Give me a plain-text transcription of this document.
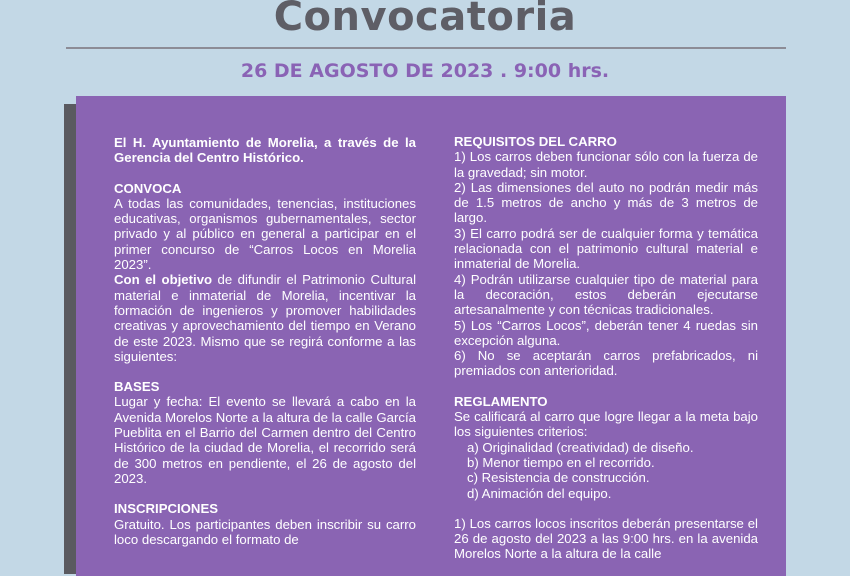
Convocatoria
26 DE AGOSTO DE 2023 . 9:00 hrs.

El H. Ayuntamiento de Morelia, a través de la Gerencia del Centro Histórico.

CONVOCA

A todas las comunidades, tenencias, instituciones educativas, organismos gubernamentales, sector privado y al público en general a participar en el primer concurso de “Carros Locos en Morelia 2023”.

Con el objetivo de difundir el Patrimonio Cultural material e inmaterial de Morelia, incentivar la formación de ingenieros y promover habilidades creativas y aprovechamiento del tiempo en Verano de este 2023. Mismo que se regirá conforme a las siguientes:

BASES

Lugar y fecha: El evento se llevará a cabo en la Avenida Morelos Norte a la altura de la calle García Pueblita en el Barrio del Carmen dentro del Centro Histórico de la ciudad de Morelia, el recorrido será de 300 metros en pendiente, el 26 de agosto del 2023.

INSCRIPCIONES

Gratuito. Los participantes deben inscribir su carro loco descargando el formato de

REQUISITOS DEL CARRO

1) Los carros deben funcionar sólo con la fuerza de la gravedad; sin motor.

2) Las dimensiones del auto no podrán medir más de 1.5 metros de ancho y más de 3 metros de largo.

3) El carro podrá ser de cualquier forma y temática relacionada con el patrimonio cultural material e inmaterial de Morelia.

4) Podrán utilizarse cualquier tipo de material para la decoración, estos deberán ejecutarse artesanalmente y con técnicas tradicionales.

5) Los “Carros Locos”, deberán tener 4 ruedas sin excepción alguna.

6) No se aceptarán carros prefabricados, ni premiados con anterioridad.

REGLAMENTO

Se calificará al carro que logre llegar a la meta bajo los siguientes criterios:

a) Originalidad (creatividad) de diseño.

b) Menor tiempo en el recorrido.

c) Resistencia de construcción.

d) Animación del equipo.

1) Los carros locos inscritos deberán presentarse el 26 de agosto del 2023 a las 9:00 hrs. en la avenida Morelos Norte a la altura de la calle
